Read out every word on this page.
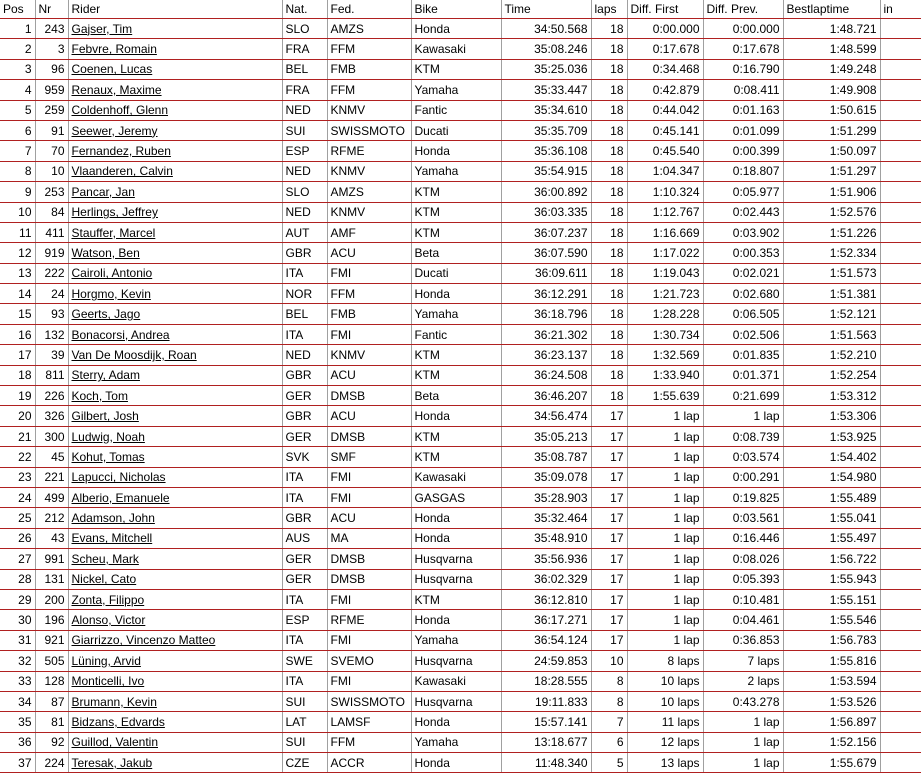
Pos	Nr	Rider	Nat.	Fed.	Bike	Time	laps	Diff. First	Diff. Prev.	Bestlaptime	in
1	243	Gajser, Tim	SLO	AMZS	Honda	34:50.568	18	0:00.000	0:00.000	1:48.721	
2	3	Febvre, Romain	FRA	FFM	Kawasaki	35:08.246	18	0:17.678	0:17.678	1:48.599	
3	96	Coenen, Lucas	BEL	FMB	KTM	35:25.036	18	0:34.468	0:16.790	1:49.248	
4	959	Renaux, Maxime	FRA	FFM	Yamaha	35:33.447	18	0:42.879	0:08.411	1:49.908	
5	259	Coldenhoff, Glenn	NED	KNMV	Fantic	35:34.610	18	0:44.042	0:01.163	1:50.615	
6	91	Seewer, Jeremy	SUI	SWISSMOTO	Ducati	35:35.709	18	0:45.141	0:01.099	1:51.299	
7	70	Fernandez, Ruben	ESP	RFME	Honda	35:36.108	18	0:45.540	0:00.399	1:50.097	
8	10	Vlaanderen, Calvin	NED	KNMV	Yamaha	35:54.915	18	1:04.347	0:18.807	1:51.297	
9	253	Pancar, Jan	SLO	AMZS	KTM	36:00.892	18	1:10.324	0:05.977	1:51.906	
10	84	Herlings, Jeffrey	NED	KNMV	KTM	36:03.335	18	1:12.767	0:02.443	1:52.576	
11	411	Stauffer, Marcel	AUT	AMF	KTM	36:07.237	18	1:16.669	0:03.902	1:51.226	
12	919	Watson, Ben	GBR	ACU	Beta	36:07.590	18	1:17.022	0:00.353	1:52.334	
13	222	Cairoli, Antonio	ITA	FMI	Ducati	36:09.611	18	1:19.043	0:02.021	1:51.573	
14	24	Horgmo, Kevin	NOR	FFM	Honda	36:12.291	18	1:21.723	0:02.680	1:51.381	
15	93	Geerts, Jago	BEL	FMB	Yamaha	36:18.796	18	1:28.228	0:06.505	1:52.121	
16	132	Bonacorsi, Andrea	ITA	FMI	Fantic	36:21.302	18	1:30.734	0:02.506	1:51.563	
17	39	Van De Moosdijk, Roan	NED	KNMV	KTM	36:23.137	18	1:32.569	0:01.835	1:52.210	
18	811	Sterry, Adam	GBR	ACU	KTM	36:24.508	18	1:33.940	0:01.371	1:52.254	
19	226	Koch, Tom	GER	DMSB	Beta	36:46.207	18	1:55.639	0:21.699	1:53.312	
20	326	Gilbert, Josh	GBR	ACU	Honda	34:56.474	17	1 lap	1 lap	1:53.306	
21	300	Ludwig, Noah	GER	DMSB	KTM	35:05.213	17	1 lap	0:08.739	1:53.925	
22	45	Kohut, Tomas	SVK	SMF	KTM	35:08.787	17	1 lap	0:03.574	1:54.402	
23	221	Lapucci, Nicholas	ITA	FMI	Kawasaki	35:09.078	17	1 lap	0:00.291	1:54.980	
24	499	Alberio, Emanuele	ITA	FMI	GASGAS	35:28.903	17	1 lap	0:19.825	1:55.489	
25	212	Adamson, John	GBR	ACU	Honda	35:32.464	17	1 lap	0:03.561	1:55.041	
26	43	Evans, Mitchell	AUS	MA	Honda	35:48.910	17	1 lap	0:16.446	1:55.497	
27	991	Scheu, Mark	GER	DMSB	Husqvarna	35:56.936	17	1 lap	0:08.026	1:56.722	
28	131	Nickel, Cato	GER	DMSB	Husqvarna	36:02.329	17	1 lap	0:05.393	1:55.943	
29	200	Zonta, Filippo	ITA	FMI	KTM	36:12.810	17	1 lap	0:10.481	1:55.151	
30	196	Alonso, Victor	ESP	RFME	Honda	36:17.271	17	1 lap	0:04.461	1:55.546	
31	921	Giarrizzo, Vincenzo Matteo	ITA	FMI	Yamaha	36:54.124	17	1 lap	0:36.853	1:56.783	
32	505	Lüning, Arvid	SWE	SVEMO	Husqvarna	24:59.853	10	8 laps	7 laps	1:55.816	
33	128	Monticelli, Ivo	ITA	FMI	Kawasaki	18:28.555	8	10 laps	2 laps	1:53.594	
34	87	Brumann, Kevin	SUI	SWISSMOTO	Husqvarna	19:11.833	8	10 laps	0:43.278	1:53.526	
35	81	Bidzans, Edvards	LAT	LAMSF	Honda	15:57.141	7	11 laps	1 lap	1:56.897	
36	92	Guillod, Valentin	SUI	FFM	Yamaha	13:18.677	6	12 laps	1 lap	1:52.156	
37	224	Teresak, Jakub	CZE	ACCR	Honda	11:48.340	5	13 laps	1 lap	1:55.679	
